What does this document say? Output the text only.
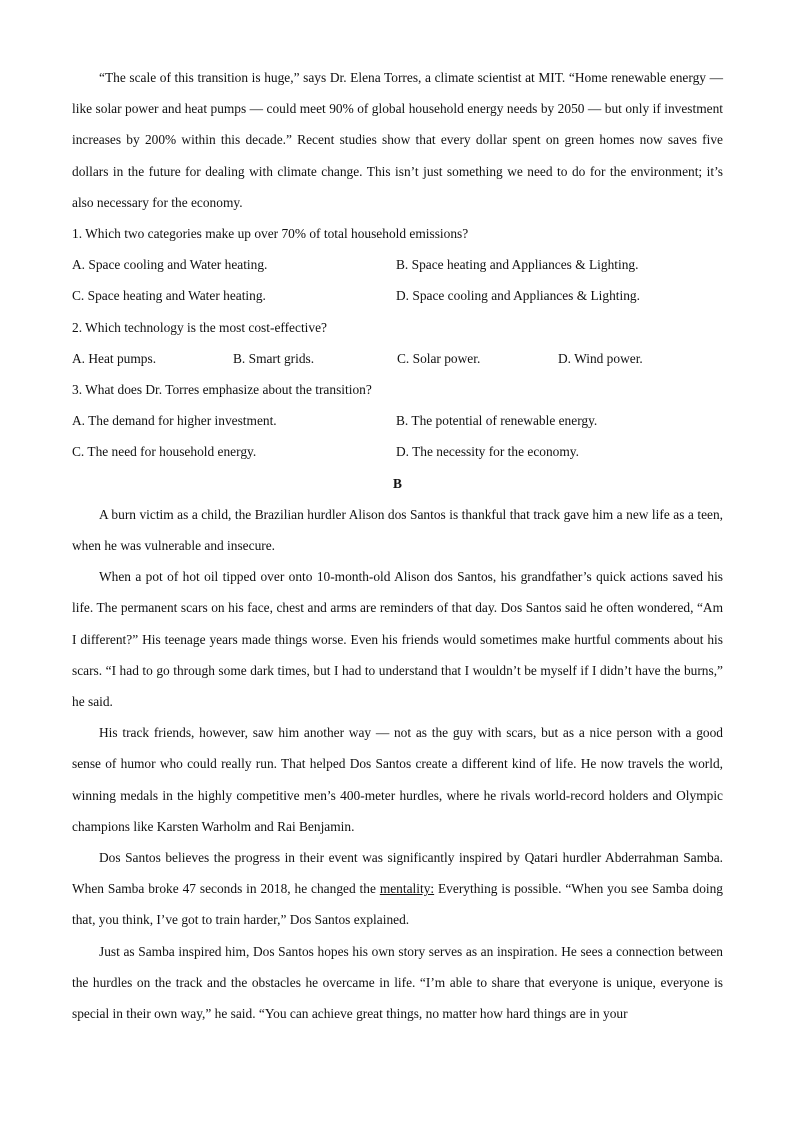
“The scale of this transition is huge,” says Dr. Elena Torres, a climate scientist at MIT. “Home renewable energy — like solar power and heat pumps — could meet 90% of global household energy needs by 2050 — but only if investment increases by 200% within this decade.” Recent studies show that every dollar spent on green homes now saves five dollars in the future for dealing with climate change. This isn’t just something we need to do for the environment; it’s also necessary for the economy.

1. Which two categories make up over 70% of total household emissions?

A. Space cooling and Water heating.	B. Space heating and Appliances & Lighting.
C. Space heating and Water heating.	D. Space cooling and Appliances & Lighting.

2. Which technology is the most cost-effective?

A. Heat pumps.	B. Smart grids.	C. Solar power.	D. Wind power.

3. What does Dr. Torres emphasize about the transition?

A. The demand for higher investment.	B. The potential of renewable energy.
C. The need for household energy.	D. The necessity for the economy.

B

A burn victim as a child, the Brazilian hurdler Alison dos Santos is thankful that track gave him a new life as a teen, when he was vulnerable and insecure.

When a pot of hot oil tipped over onto 10-month-old Alison dos Santos, his grandfather’s quick actions saved his life. The permanent scars on his face, chest and arms are reminders of that day. Dos Santos said he often wondered, “Am I different?” His teenage years made things worse. Even his friends would sometimes make hurtful comments about his scars. “I had to go through some dark times, but I had to understand that I wouldn’t be myself if I didn’t have the burns,” he said.

His track friends, however, saw him another way — not as the guy with scars, but as a nice person with a good sense of humor who could really run. That helped Dos Santos create a different kind of life. He now travels the world, winning medals in the highly competitive men’s 400-meter hurdles, where he rivals world-record holders and Olympic champions like Karsten Warholm and Rai Benjamin.

Dos Santos believes the progress in their event was significantly inspired by Qatari hurdler Abderrahman Samba. When Samba broke 47 seconds in 2018, he changed the mentality: Everything is possible. “When you see Samba doing that, you think, I’ve got to train harder,” Dos Santos explained.

Just as Samba inspired him, Dos Santos hopes his own story serves as an inspiration. He sees a connection between the hurdles on the track and the obstacles he overcame in life. “I’m able to share that everyone is unique, everyone is special in their own way,” he said. “You can achieve great things, no matter how hard things are in your
